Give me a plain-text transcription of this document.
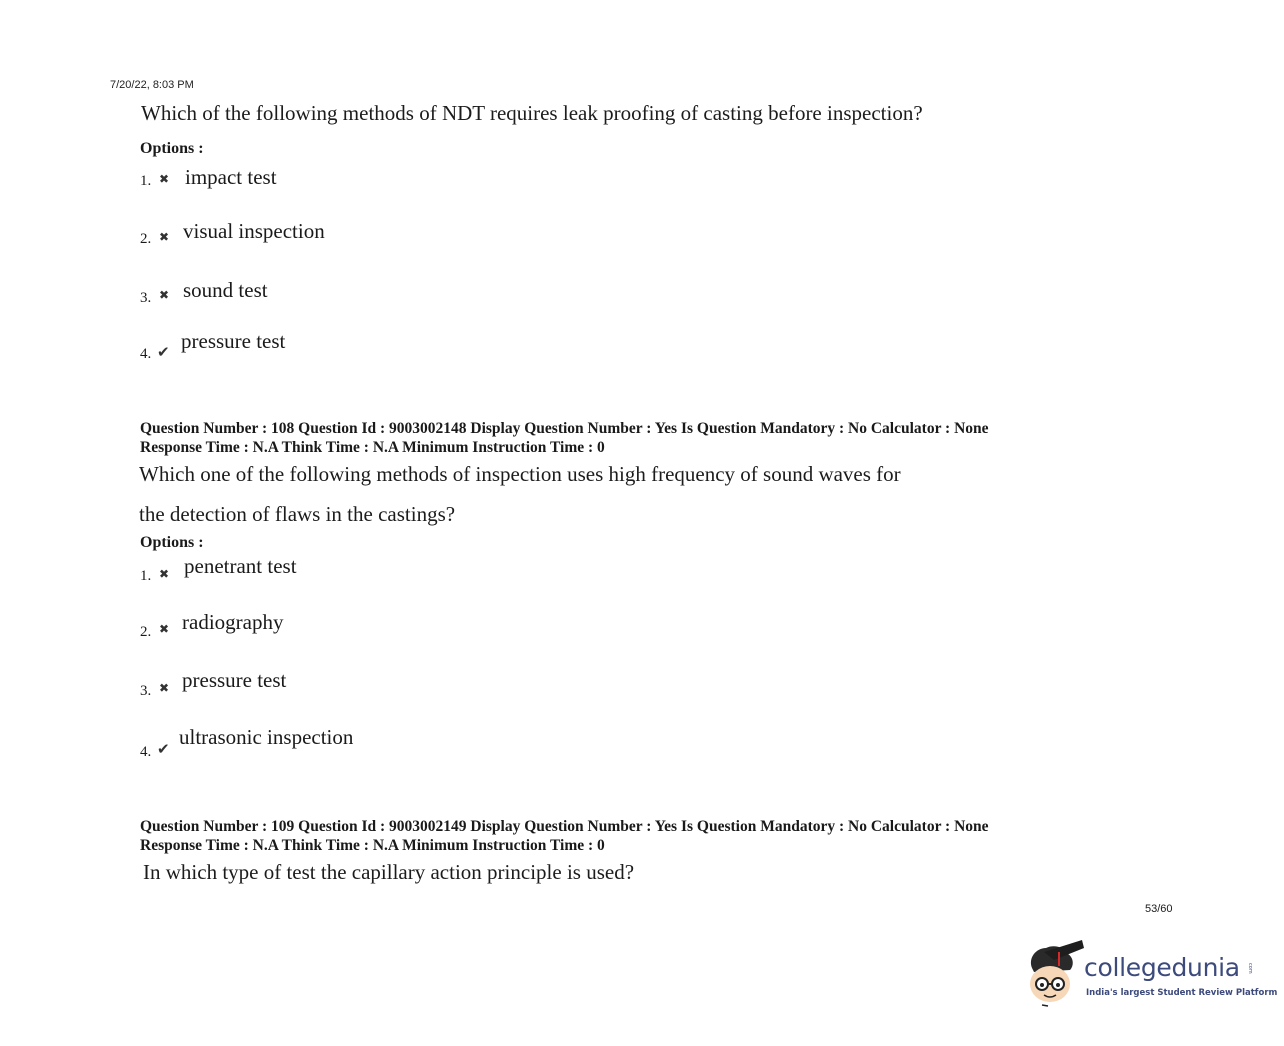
7/20/22, 8:03 PM
Which of the following methods of NDT requires leak proofing of casting before inspection?
Options :
1. ✖ impact test
2. ✖ visual inspection
3. ✖ sound test
4. ✔ pressure test
Question Number : 108 Question Id : 9003002148 Display Question Number : Yes Is Question Mandatory : No Calculator : None
Response Time : N.A Think Time : N.A Minimum Instruction Time : 0
Which one of the following methods of inspection uses high frequency of sound waves for
the detection of flaws in the castings?
Options :
1. ✖ penetrant test
2. ✖ radiography
3. ✖ pressure test
4. ✔
ultrasonic inspection
Question Number : 109 Question Id : 9003002149 Display Question Number : Yes Is Question Mandatory : No Calculator : None
Response Time : N.A Think Time : N.A Minimum Instruction Time : 0
In which type of test the capillary action principle is used?
53/60
collegedunia com
India's largest Student Review Platform
